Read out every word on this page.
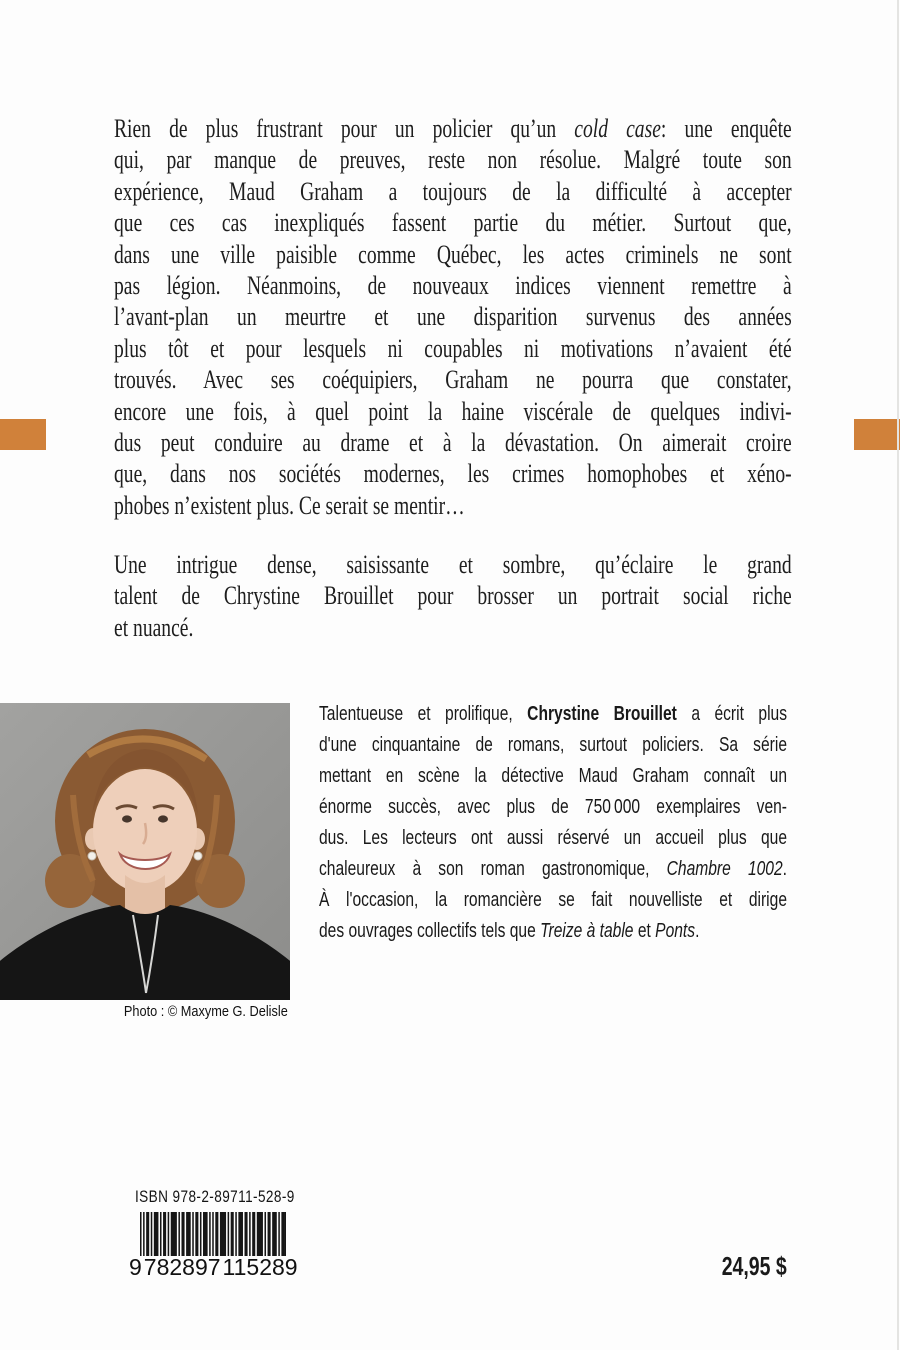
Rien de plus frustrant pour un policier qu’un cold case: une enquête
qui, par manque de preuves, reste non résolue. Malgré toute son
expérience, Maud Graham a toujours de la difficulté à accepter
que ces cas inexpliqués fassent partie du métier. Surtout que,
dans une ville paisible comme Québec, les actes criminels ne sont
pas légion. Néanmoins, de nouveaux indices viennent remettre à
l’avant-plan un meurtre et une disparition survenus des années
plus tôt et pour lesquels ni coupables ni motivations n’avaient été
trouvés. Avec ses coéquipiers, Graham ne pourra que constater,
encore une fois, à quel point la haine viscérale de quelques indivi-
dus peut conduire au drame et à la dévastation. On aimerait croire
que, dans nos sociétés modernes, les crimes homophobes et xéno-
phobes n’existent plus. Ce serait se mentir…
Une intrigue dense, saisissante et sombre, qu’éclaire le grand
talent de Chrystine Brouillet pour brosser un portrait social riche
et nuancé.
Photo : © Maxyme G. Delisle
Talentueuse et prolifique, Chrystine Brouillet a écrit plus
d'une cinquantaine de romans, surtout policiers. Sa série
mettant en scène la détective Maud Graham connaît un
énorme succès, avec plus de 750 000 exemplaires ven-
dus. Les lecteurs ont aussi réservé un accueil plus que
chaleureux à son roman gastronomique, Chambre 1002.
À l'occasion, la romancière se fait nouvelliste et dirige
des ouvrages collectifs tels que Treize à table et Ponts.
ISBN 978-2-89711-528-9
9 782897 115289	24,95 $
